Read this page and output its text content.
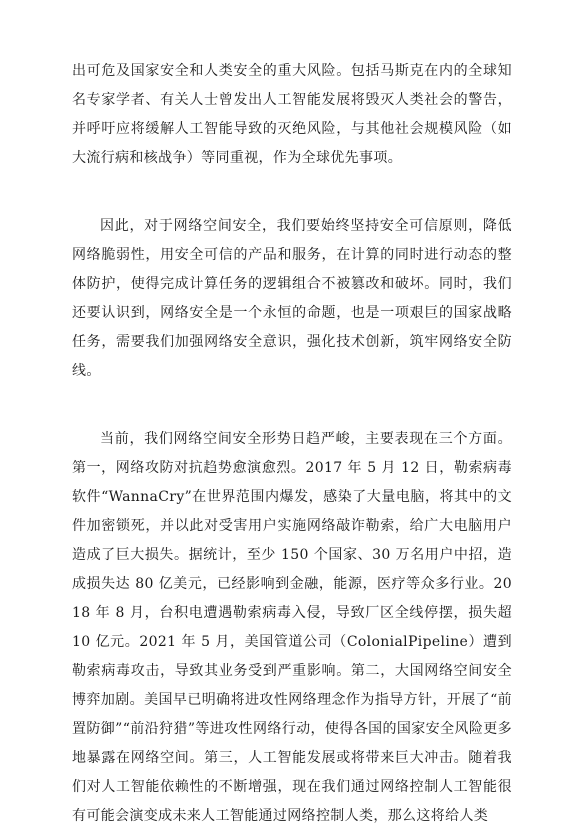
出可危及国家安全和人类安全的重大风险。包括马斯克在内的全球知名专家学者、有关人士曾发出人工智能发展将毁灭人类社会的警告，并呼吁应将缓解人工智能导致的灭绝风险，与其他社会规模风险（如大流行病和核战争）等同重视，作为全球优先事项。

因此，对于网络空间安全，我们要始终坚持安全可信原则，降低网络脆弱性，用安全可信的产品和服务，在计算的同时进行动态的整体防护，使得完成计算任务的逻辑组合不被篡改和破坏。同时，我们还要认识到，网络安全是一个永恒的命题，也是一项艰巨的国家战略任务，需要我们加强网络安全意识，强化技术创新，筑牢网络安全防线。

当前，我们网络空间安全形势日趋严峻，主要表现在三个方面。第一，网络攻防对抗趋势愈演愈烈。2017 年 5 月 12 日，勒索病毒软件“WannaCry”在世界范围内爆发，感染了大量电脑，将其中的文件加密锁死，并以此对受害用户实施网络敲诈勒索，给广大电脑用户造成了巨大损失。据统计，至少 150 个国家、30 万名用户中招，造成损失达 80 亿美元，已经影响到金融，能源，医疗等众多行业。2018 年 8 月，台积电遭遇勒索病毒入侵，导致厂区全线停摆，损失超 10 亿元。2021 年 5 月，美国管道公司（ColonialPipeline）遭到勒索病毒攻击，导致其业务受到严重影响。第二，大国网络空间安全博弈加剧。美国早已明确将进攻性网络理念作为指导方针，开展了“前置防御”“前沿狩猎”等进攻性网络行动，使得各国的国家安全风险更多地暴露在网络空间。第三，人工智能发展或将带来巨大冲击。随着我们对人工智能依赖性的不断增强，现在我们通过网络控制人工智能很有可能会演变成未来人工智能通过网络控制人类，那么这将给人类
